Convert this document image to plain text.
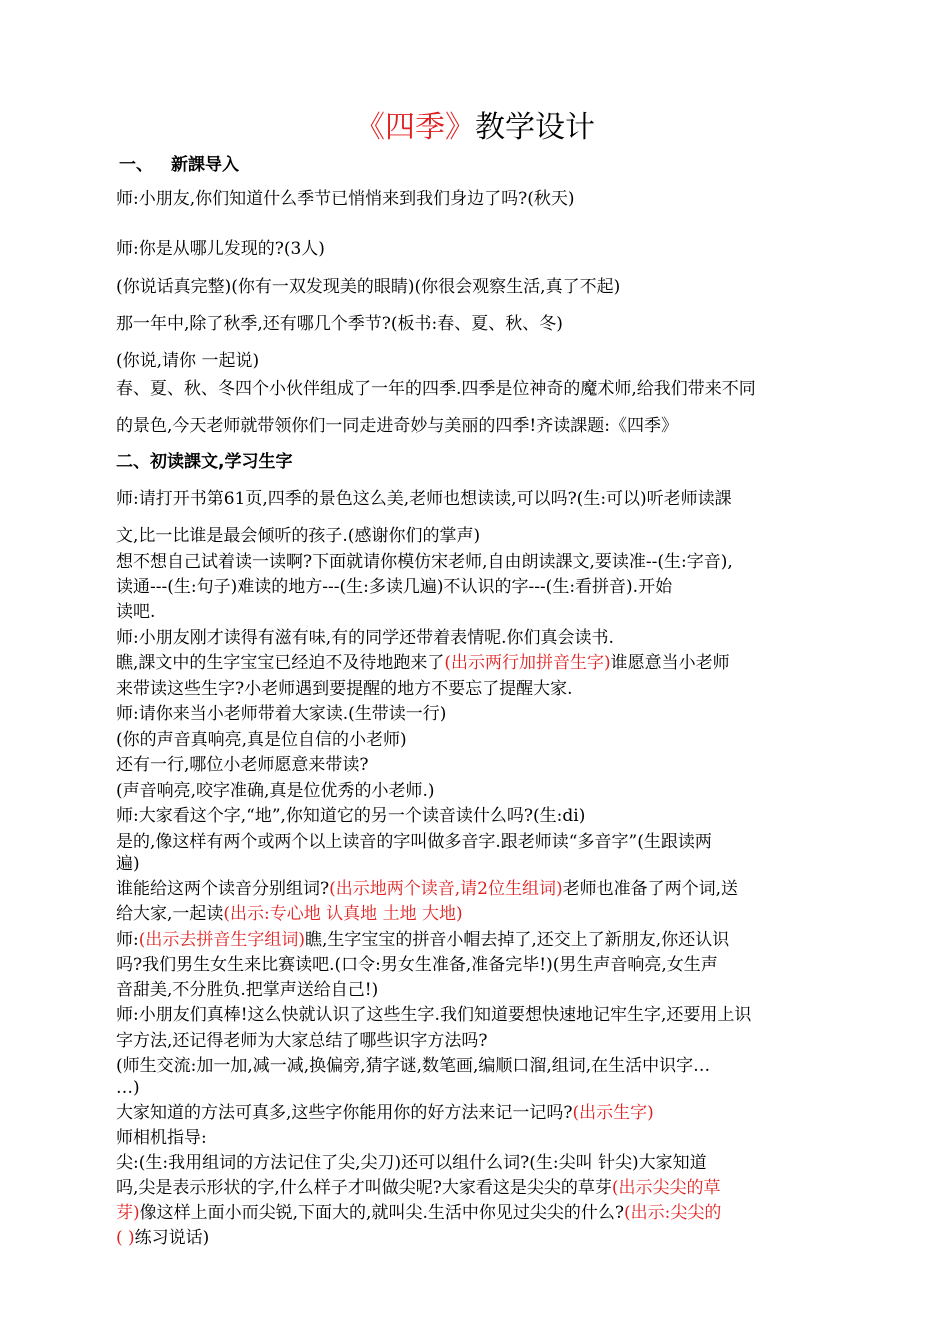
《四季》教学设计
一、 新課导入
二、初读課文,学习生字
师:小朋友,你们知道什么季节已悄悄来到我们身边了吗?(秋天)
师:你是从哪儿发现的?(3人)
(你说话真完整)(你有一双发现美的眼睛)(你很会观察生活,真了不起)
那一年中,除了秋季,还有哪几个季节?(板书:春、夏、秋、冬)
(你说,请你 一起说)
春、夏、秋、冬四个小伙伴组成了一年的四季.四季是位神奇的魔术师,给我们带来不同
的景色,今天老师就带领你们一同走进奇妙与美丽的四季!齐读課题:《四季》
师:请打开书第61页,四季的景色这么美,老师也想读读,可以吗?(生:可以)听老师读課
文,比一比谁是最会倾听的孩子.(感谢你们的掌声)
想不想自己试着读一读啊?下面就请你模仿宋老师,自由朗读課文,要读准--(生:字音),
读通---(生:句子)难读的地方---(生:多读几遍)不认识的字---(生:看拼音).开始
读吧.
师:小朋友刚才读得有滋有味,有的同学还带着表情呢.你们真会读书.
瞧,課文中的生字宝宝已经迫不及待地跑来了(出示两行加拼音生字)谁愿意当小老师
来带读这些生字?小老师遇到要提醒的地方不要忘了提醒大家.
师:请你来当小老师带着大家读.(生带读一行)
(你的声音真响亮,真是位自信的小老师)
还有一行,哪位小老师愿意来带读?
(声音响亮,咬字准确,真是位优秀的小老师.)
师:大家看这个字,“地”,你知道它的另一个读音读什么吗?(生:di)
是的,像这样有两个或两个以上读音的字叫做多音字.跟老师读“多音字”(生跟读两
遍)
谁能给这两个读音分别组词?(出示地两个读音,请2位生组词)老师也准备了两个词,送
给大家,一起读(出示:专心地 认真地 土地 大地)
师:(出示去拼音生字组词)瞧,生字宝宝的拼音小帽去掉了,还交上了新朋友,你还认识
吗?我们男生女生来比赛读吧.(口令:男女生准备,准备完毕!)(男生声音响亮,女生声
音甜美,不分胜负.把掌声送给自己!)
师:小朋友们真棒!这么快就认识了这些生字.我们知道要想快速地记牢生字,还要用上识
字方法,还记得老师为大家总结了哪些识字方法吗?
(师生交流:加一加,减一减,换偏旁,猜字谜,数笔画,编顺口溜,组词,在生活中识字…
…)
大家知道的方法可真多,这些字你能用你的好方法来记一记吗?(出示生字)
师相机指导:
尖:(生:我用组词的方法记住了尖,尖刀)还可以组什么词?(生:尖叫 针尖)大家知道
吗,尖是表示形状的字,什么样子才叫做尖呢?大家看这是尖尖的草芽(出示尖尖的草
芽)像这样上面小而尖锐,下面大的,就叫尖.生活中你见过尖尖的什么?(出示:尖尖的
( )练习说话)
